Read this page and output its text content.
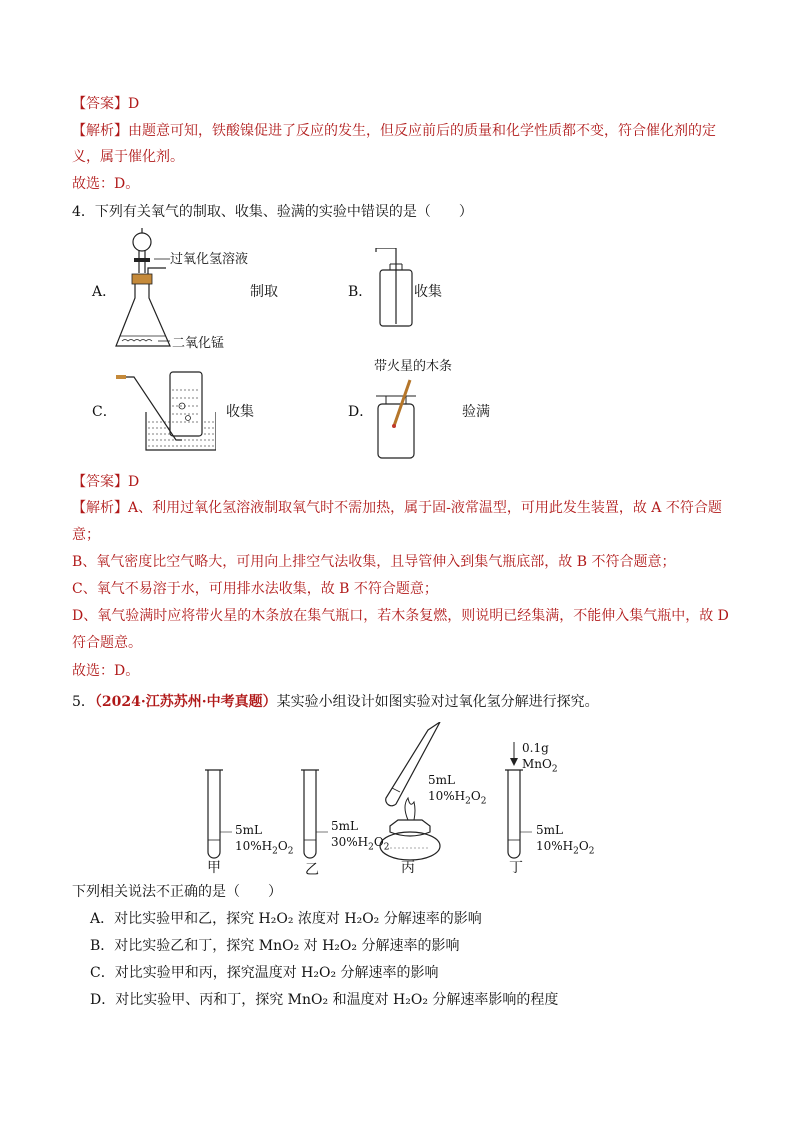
【答案】D
【解析】由题意可知，铁酸镍促进了反应的发生，但反应前后的质量和化学性质都不变，符合催化剂的定
义，属于催化剂。
故选：D。
4．下列有关氧气的制取、收集、验满的实验中错误的是（　　）
A．
过氧化氢溶液
二氧化锰
制取	B．	收集
C．	收集
带火星的木条
D．	验满
【答案】D
【解析】A、利用过氧化氢溶液制取氧气时不需加热，属于固-液常温型，可用此发生装置，故 A 不符合题
意；
B、氧气密度比空气略大，可用向上排空气法收集，且导管伸入到集气瓶底部，故 B 不符合题意；
C、氧气不易溶于水，可用排水法收集，故 B 不符合题意；
D、氧气验满时应将带火星的木条放在集气瓶口，若木条复燃，则说明已经集满，不能伸入集气瓶中，故 D
符合题意。
故选：D。
5．（2024·江苏苏州·中考真题）某实验小组设计如图实验对过氧化氢分解进行探究。
5mL
$10\%H_2O_2$
甲
5mL
$30\%H_2O_2$
乙
5mL
$10\%H_2O_2$
丙
0.1g
MnO$_2$
5mL
$10\%H_2O_2$
丁
下列相关说法不正确的是（　　）
A．对比实验甲和乙，探究 H₂O₂ 浓度对 H₂O₂ 分解速率的影响
B．对比实验乙和丁，探究 MnO₂ 对 H₂O₂ 分解速率的影响
C．对比实验甲和丙，探究温度对 H₂O₂ 分解速率的影响
D．对比实验甲、丙和丁，探究 MnO₂ 和温度对 H₂O₂ 分解速率影响的程度
